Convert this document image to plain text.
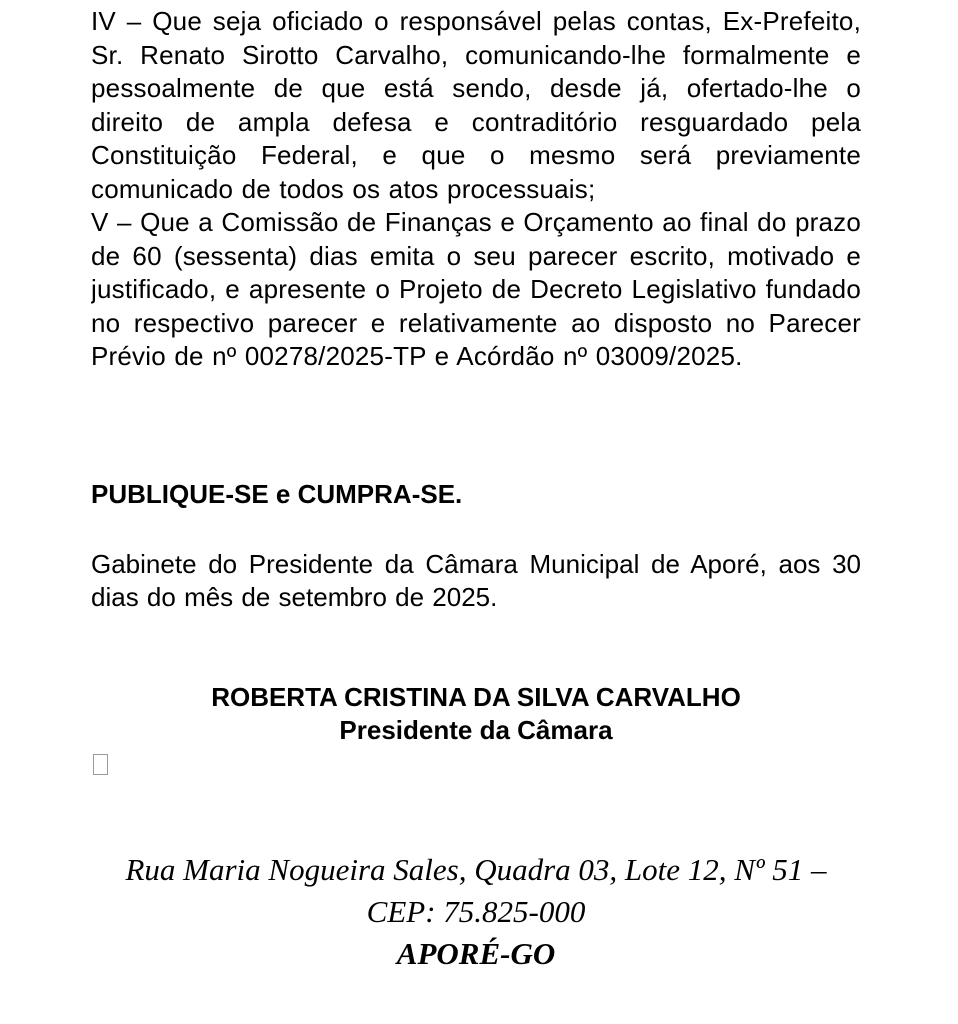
IV – Que seja oficiado o responsável pelas contas, Ex-Prefeito, Sr. Renato Sirotto Carvalho, comunicando-lhe formalmente e pessoalmente de que está sendo, desde já, ofertado-lhe o direito de ampla defesa e contraditório resguardado pela Constituição Federal, e que o mesmo será previamente comunicado de todos os atos processuais;

V – Que a Comissão de Finanças e Orçamento ao final do prazo de 60 (sessenta) dias emita o seu parecer escrito, motivado e justificado, e apresente o Projeto de Decreto Legislativo fundado no respectivo parecer e relativamente ao disposto no Parecer Prévio de nº 00278/2025-TP e Acórdão nº 03009/2025.

PUBLIQUE-SE e CUMPRA-SE.

Gabinete do Presidente da Câmara Municipal de Aporé, aos 30 dias do mês de setembro de 2025.

ROBERTA CRISTINA DA SILVA CARVALHO

Presidente da Câmara

Rua Maria Nogueira Sales, Quadra 03, Lote 12, Nº 51 –

CEP: 75.825-000

APORÉ-GO
